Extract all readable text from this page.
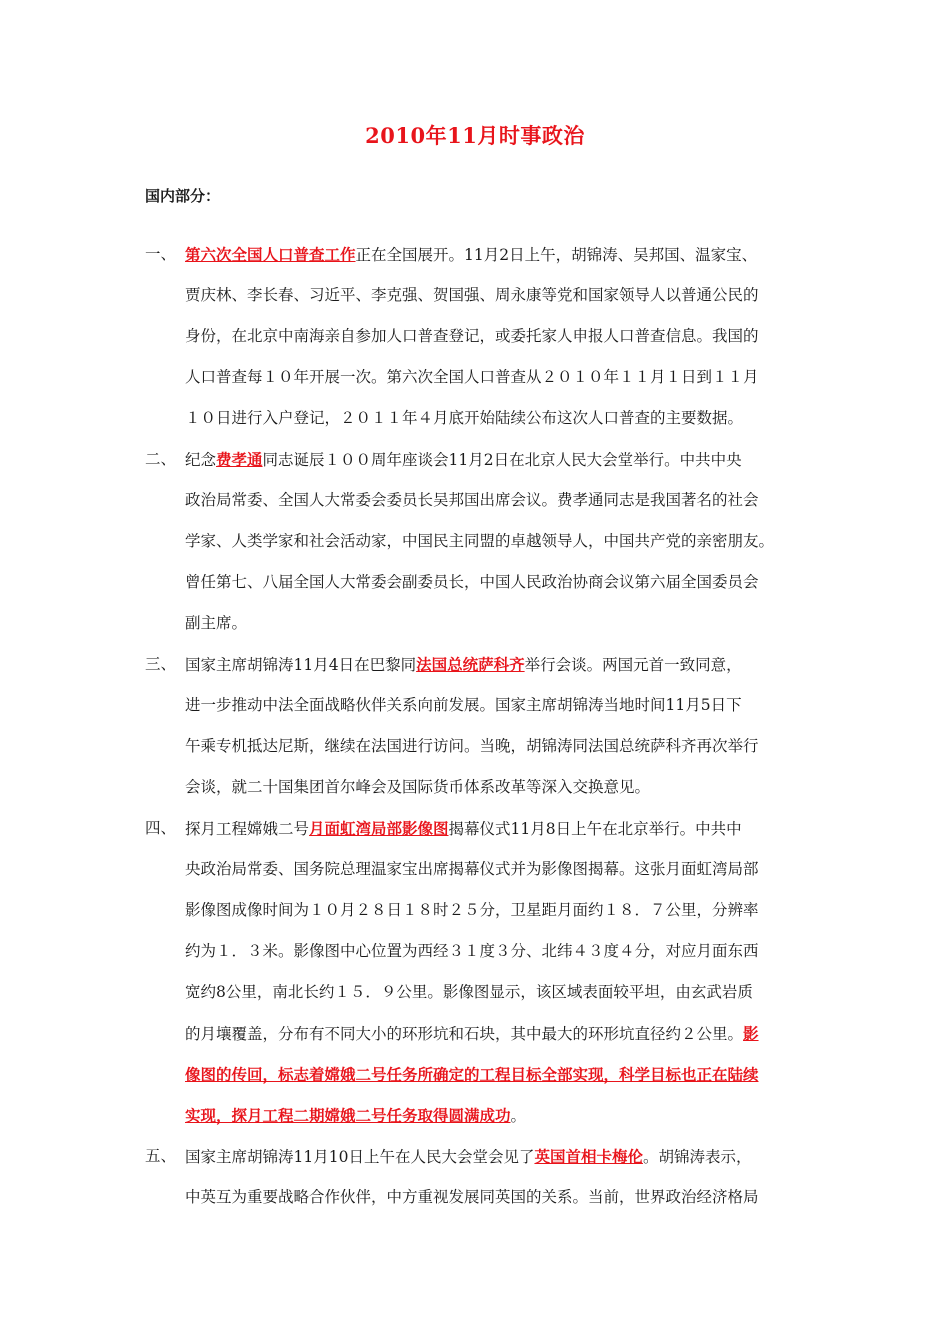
2010年11月时事政治
国内部分：
一、 第六次全国人口普查工作正在全国展开。11月2日上午，胡锦涛、吴邦国、温家宝、
贾庆林、李长春、习近平、李克强、贺国强、周永康等党和国家领导人以普通公民的
身份，在北京中南海亲自参加人口普查登记，或委托家人申报人口普查信息。我国的
人口普查每１０年开展一次。第六次全国人口普查从２０１０年１１月１日到１１月
１０日进行入户登记，２０１１年４月底开始陆续公布这次人口普查的主要数据。
二、 纪念费孝通同志诞辰１００周年座谈会11月2日在北京人民大会堂举行。中共中央
政治局常委、全国人大常委会委员长吴邦国出席会议。费孝通同志是我国著名的社会
学家、人类学家和社会活动家，中国民主同盟的卓越领导人，中国共产党的亲密朋友。
曾任第七、八届全国人大常委会副委员长，中国人民政治协商会议第六届全国委员会
副主席。
三、 国家主席胡锦涛11月4日在巴黎同法国总统萨科齐举行会谈。两国元首一致同意，
进一步推动中法全面战略伙伴关系向前发展。国家主席胡锦涛当地时间11月5日下
午乘专机抵达尼斯，继续在法国进行访问。当晚，胡锦涛同法国总统萨科齐再次举行
会谈，就二十国集团首尔峰会及国际货币体系改革等深入交换意见。
四、 探月工程嫦娥二号月面虹湾局部影像图揭幕仪式11月8日上午在北京举行。中共中
央政治局常委、国务院总理温家宝出席揭幕仪式并为影像图揭幕。这张月面虹湾局部
影像图成像时间为１０月２８日１８时２５分，卫星距月面约１８．７公里，分辨率
约为１．３米。影像图中心位置为西经３１度３分、北纬４３度４分，对应月面东西
宽约8公里，南北长约１５．９公里。影像图显示，该区域表面较平坦，由玄武岩质
的月壤覆盖，分布有不同大小的环形坑和石块，其中最大的环形坑直径约２公里。影
像图的传回，标志着嫦娥二号任务所确定的工程目标全部实现，科学目标也正在陆续
实现，探月工程二期嫦娥二号任务取得圆满成功。
五、 国家主席胡锦涛11月10日上午在人民大会堂会见了英国首相卡梅伦。胡锦涛表示，
中英互为重要战略合作伙伴，中方重视发展同英国的关系。当前，世界政治经济格局
